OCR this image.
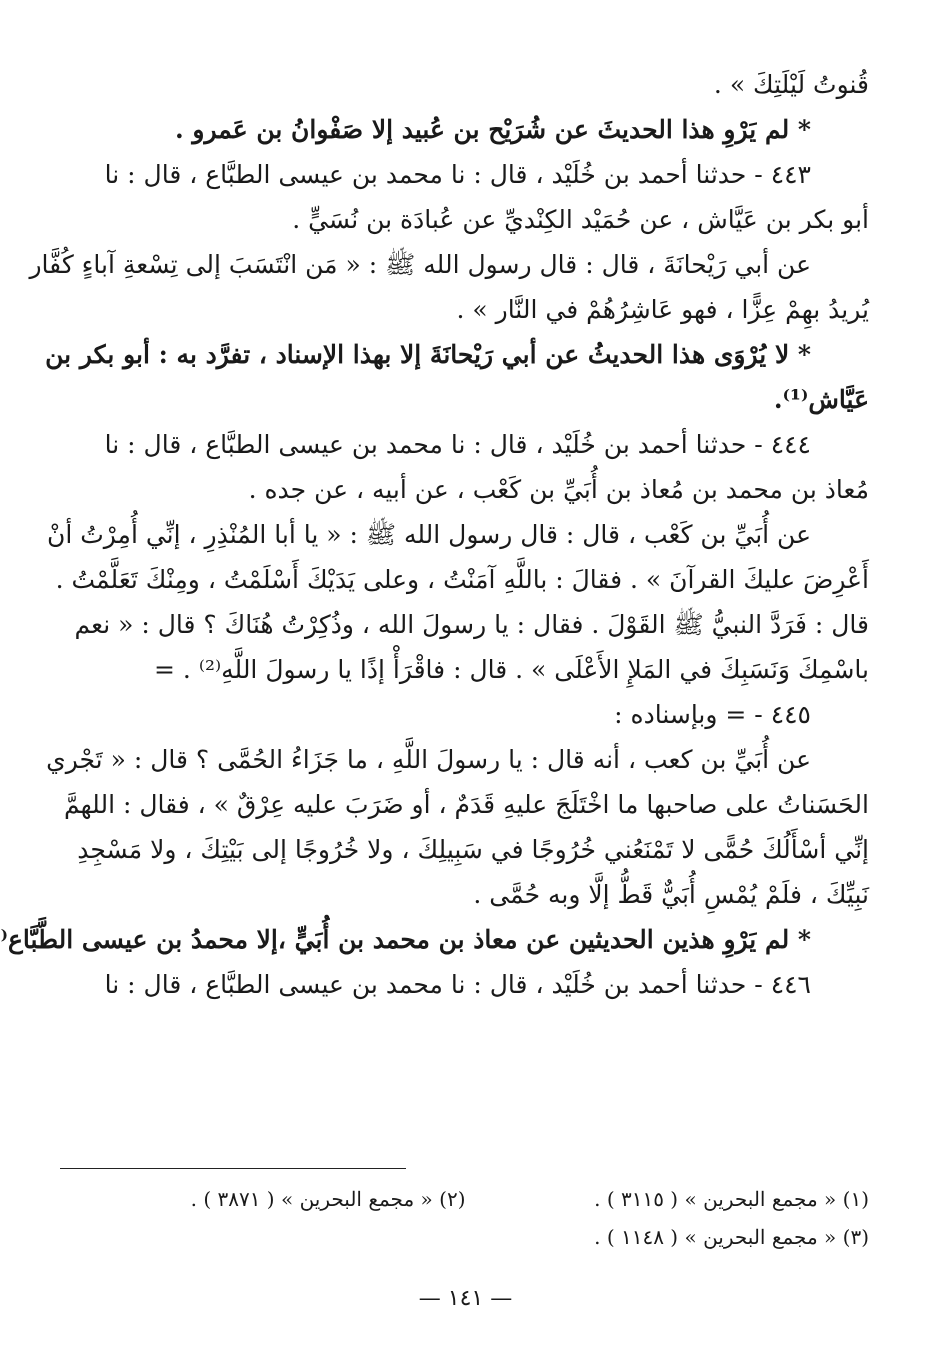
قُنوتُ لَيْلَتِكَ » .
* لم يَرْوِ هذا الحديثَ عن شُرَيْح بن عُبيد إلا صَفْوانُ بن عَمرو .
٤٤٣ - حدثنا أحمد بن خُلَيْد ، قال : نا محمد بن عيسى الطبَّاع ، قال : نا
أبو بكر بن عَيَّاش ، عن حُمَيْد الكِنْديِّ عن عُبادَة بن نُسَيٍّ .
عن أبي رَيْحانَةَ ، قال : قال رسول الله ﷺ : « مَن انْتَسَبَ إلى تِسْعةِ آباءٍ كُفَّار
يُريدُ بهِمْ عِزًّا ، فهو عَاشِرُهُمْ في النَّار » .
* لا يُرْوَى هذا الحديثُ عن أبي رَيْحانَةَ إلا بهذا الإسناد ، تفرَّد به : أبو بكر بن
عَيَّاش⁽¹⁾.
٤٤٤ - حدثنا أحمد بن خُلَيْد ، قال : نا محمد بن عيسى الطبَّاع ، قال : نا
مُعاذ بن محمد بن مُعاذ بن أُبَيِّ بن كَعْب ، عن أبيه ، عن جده .
عن أُبَيِّ بن كَعْب ، قال : قال رسول الله ﷺ : « يا أبا المُنْذِرِ ، إنِّي أُمِرْتُ أنْ
أَعْرِضَ عليكَ القرآنَ » . فقالَ : باللَّهِ آمَنْتُ ، وعلى يَدَيْكَ أَسْلَمْتُ ، ومِنْكَ تَعَلَّمْتُ .
قال : فَرَدَّ النبيُّ ﷺ القَوْلَ . فقال : يا رسولَ الله ، وذُكِرْتُ هُنَاكَ ؟ قال : « نعم
باسْمِكَ وَنَسَبِكَ في المَلإِ الأَعْلَى » . قال : فاقْرَأْ إذًا يا رسولَ اللَّهِ⁽²⁾ . =
٤٤٥ - = وبإسناده :
عن أُبَيِّ بن كعب ، أنه قال : يا رسولَ اللَّهِ ، ما جَزَاءُ الحُمَّى ؟ قال : « تَجْري
الحَسَناتُ على صاحبها ما اخْتَلَجَ عليهِ قَدَمٌ ، أو ضَرَبَ عليه عِرْقٌ » ، فقال : اللهمَّ
إنِّي أسْأَلُكَ حُمًّى لا تَمْنَعُني خُرُوجًا في سَبِيلِكَ ، ولا خُرُوجًا إلى بَيْتِكَ ، ولا مَسْجِدِ
نَبِيِّكَ ، فلَمْ يُمْسِ أُبَيٌّ قَطُّ إلَّا وبه حُمَّى .
* لم يَرْوِ هذين الحديثين عن معاذ بن محمد بن أُبَيٍّ ،إلا محمدُ بن عيسى الطَّبَّاع⁽
٤٤٦ - حدثنا أحمد بن خُلَيْد ، قال : نا محمد بن عيسى الطبَّاع ، قال : نا
(١) « مجمع البحرين » ( ٣١١٥ ) .
(٢) « مجمع البحرين » ( ٣٨٧١ ) .
(٣) « مجمع البحرين » ( ١١٤٨ ) .
— ١٤١ —
